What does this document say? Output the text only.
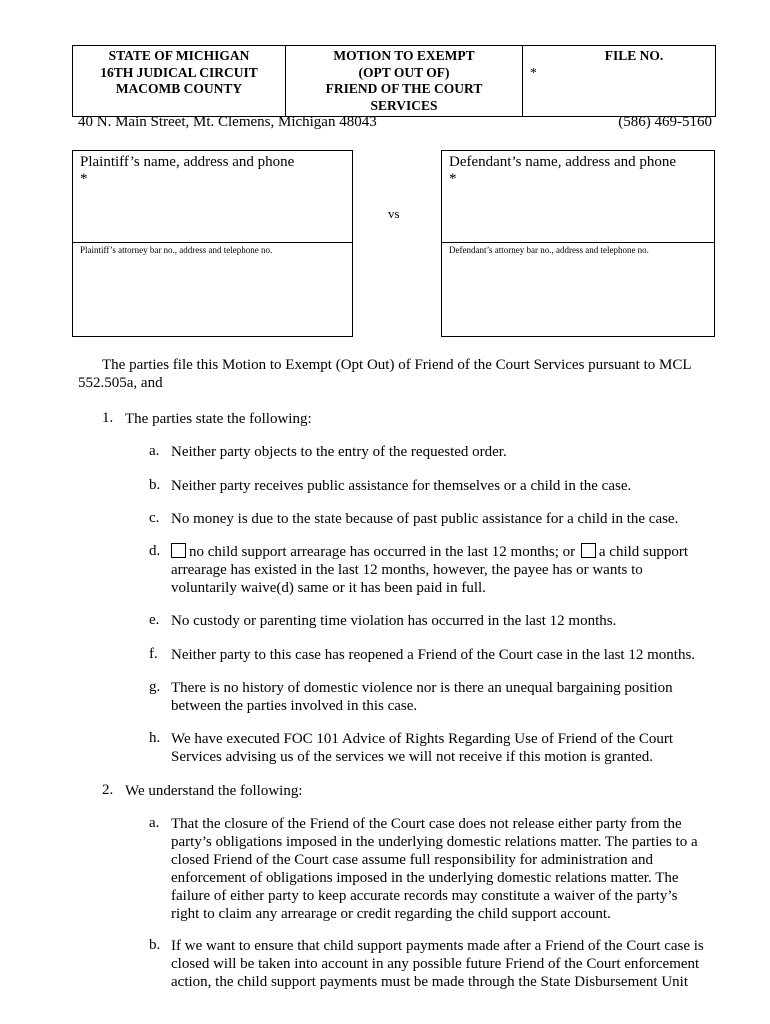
STATE OF MICHIGAN
16TH JUDICAL CIRCUIT
MACOMB COUNTY

MOTION TO EXEMPT
(OPT OUT OF)
FRIEND OF THE COURT
SERVICES

FILE NO.
*
40 N. Main Street, Mt. Clemens, Michigan 48043	(586) 469-5160
Plaintiff’s name, address and phone
*
Plaintiff’s attorney bar no., address and telephone no.
vs
Defendant’s name, address and phone
*
Defendant’s attorney bar no., address and telephone no.
The parties file this Motion to Exempt (Opt Out) of Friend of the Court Services pursuant to MCL
552.505a, and
1. The parties state the following:
a. Neither party objects to the entry of the requested order.
b. Neither party receives public assistance for themselves or a child in the case.
c. No money is due to the state because of past public assistance for a child in the case.
d.	no child support arrearage has occurred in the last 12 months; or a child support
arrearage has existed in the last 12 months, however, the payee has or wants to
voluntarily waive(d) same or it has been paid in full.
e. No custody or parenting time violation has occurred in the last 12 months.
f. Neither party to this case has reopened a Friend of the Court case in the last 12 months.
g. There is no history of domestic violence nor is there an unequal bargaining position
between the parties involved in this case.
h. We have executed FOC 101 Advice of Rights Regarding Use of Friend of the Court
Services advising us of the services we will not receive if this motion is granted.
2. We understand the following:
a. That the closure of the Friend of the Court case does not release either party from the
party’s obligations imposed in the underlying domestic relations matter. The parties to a
closed Friend of the Court case assume full responsibility for administration and
enforcement of obligations imposed in the underlying domestic relations matter. The
failure of either party to keep accurate records may constitute a waiver of the party’s
right to claim any arrearage or credit regarding the child support account.
b. If we want to ensure that child support payments made after a Friend of the Court case is
closed will be taken into account in any possible future Friend of the Court enforcement
action, the child support payments must be made through the State Disbursement Unit
